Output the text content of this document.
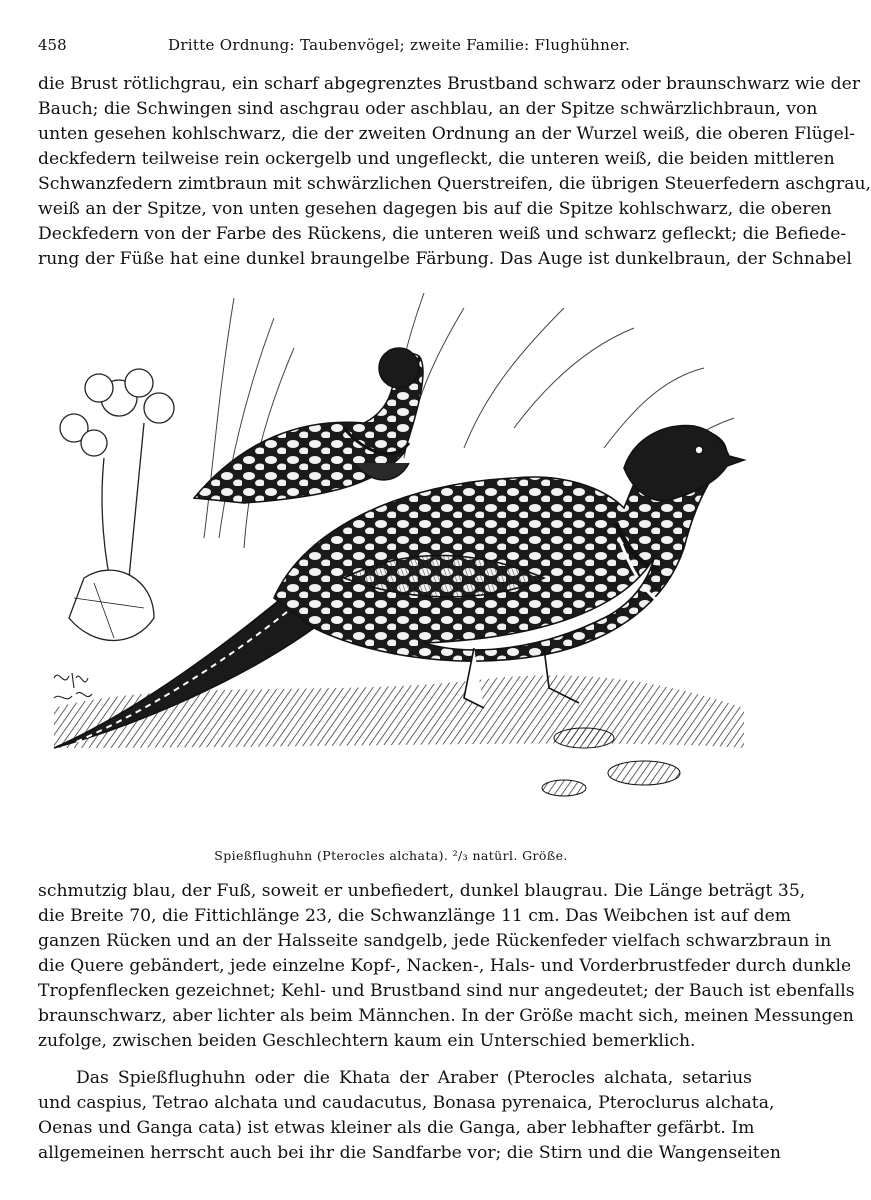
458	Dritte Ordnung: Taubenvögel; zweite Familie: Flughühner.
die Brust rötlichgrau, ein scharf abgegrenztes Brustband schwarz oder braunschwarz wie der
Bauch; die Schwingen sind aschgrau oder aschblau, an der Spitze schwärzlichbraun, von
unten gesehen kohlschwarz, die der zweiten Ordnung an der Wurzel weiß, die oberen Flügel-
deckfedern teilweise rein ockergelb und ungefleckt, die unteren weiß, die beiden mittleren
Schwanzfedern zimtbraun mit schwärzlichen Querstreifen, die übrigen Steuerfedern aschgrau,
weiß an der Spitze, von unten gesehen dagegen bis auf die Spitze kohlschwarz, die oberen
Deckfedern von der Farbe des Rückens, die unteren weiß und schwarz gefleckt; die Befiede-
rung der Füße hat eine dunkel braungelbe Färbung. Das Auge ist dunkelbraun, der Schnabel
Spießflughuhn (Pterocles alchata). ²/₃ natürl. Größe.
schmutzig blau, der Fuß, soweit er unbefiedert, dunkel blaugrau. Die Länge beträgt 35,
die Breite 70, die Fittichlänge 23, die Schwanzlänge 11 cm. Das Weibchen ist auf dem
ganzen Rücken und an der Halsseite sandgelb, jede Rückenfeder vielfach schwarzbraun in
die Quere gebändert, jede einzelne Kopf-, Nacken-, Hals- und Vorderbrustfeder durch dunkle
Tropfenflecken gezeichnet; Kehl- und Brustband sind nur angedeutet; der Bauch ist ebenfalls
braunschwarz, aber lichter als beim Männchen. In der Größe macht sich, meinen Messungen
zufolge, zwischen beiden Geschlechtern kaum ein Unterschied bemerklich.
Das Spießflughuhn oder die Khata der Araber (Pterocles alchata, setarius
und caspius, Tetrao alchata und caudacutus, Bonasa pyrenaica, Pteroclurus alchata,
Oenas und Ganga cata) ist etwas kleiner als die Ganga, aber lebhafter gefärbt. Im
allgemeinen herrscht auch bei ihr die Sandfarbe vor; die Stirn und die Wangenseiten
